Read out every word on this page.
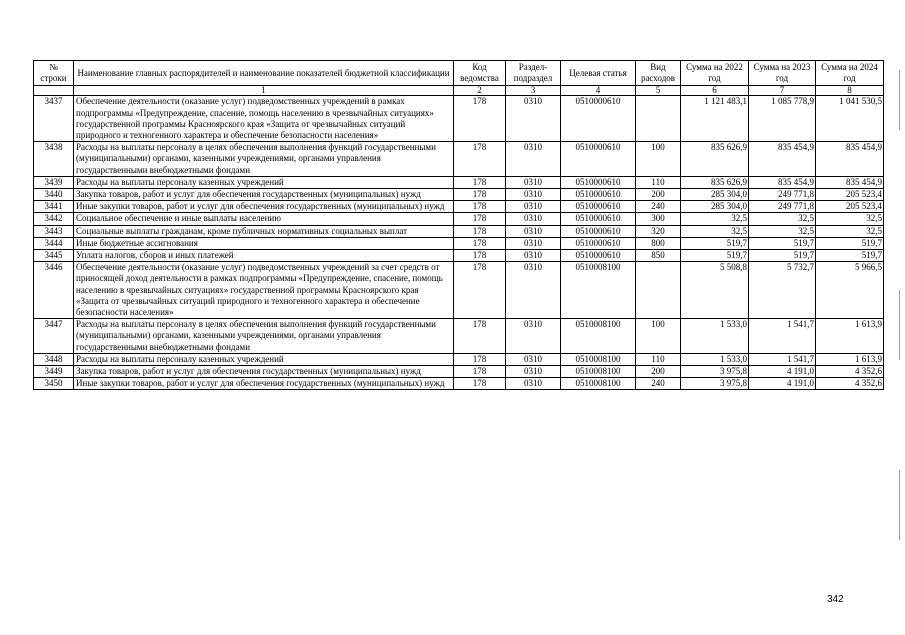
№ строки	Наименование главных распорядителей и наименование показателей бюджетной классификации	Код ведомства	Раздел-подраздел	Целевая статья	Вид расходов	Сумма на 2022 год	Сумма на 2023 год	Сумма на 2024 год
	1	2	3	4	5	6	7	8
3437	Обеспечение деятельности (оказание услуг) подведомственных учреждений в рамках подпрограммы «Предупреждение, спасение, помощь населению в чрезвычайных ситуациях» государственной программы Красноярского края «Защита от чрезвычайных ситуаций природного и техногенного характера и обеспечение безопасности населения»	178	0310	0510000610		1 121 483,1	1 085 778,9	1 041 530,5
3438	Расходы на выплаты персоналу в целях обеспечения выполнения функций государственными (муниципальными) органами, казенными учреждениями, органами управления государственными внебюджетными фондами	178	0310	0510000610	100	835 626,9	835 454,9	835 454,9
3439	Расходы на выплаты персоналу казенных учреждений	178	0310	0510000610	110	835 626,9	835 454,9	835 454,9
3440	Закупка товаров, работ и услуг для обеспечения государственных (муниципальных) нужд	178	0310	0510000610	200	285 304,0	249 771,8	205 523,4
3441	Иные закупки товаров, работ и услуг для обеспечения государственных (муниципальных) нужд	178	0310	0510000610	240	285 304,0	249 771,8	205 523,4
3442	Социальное обеспечение и иные выплаты населению	178	0310	0510000610	300	32,5	32,5	32,5
3443	Социальные выплаты гражданам, кроме публичных нормативных социальных выплат	178	0310	0510000610	320	32,5	32,5	32,5
3444	Иные бюджетные ассигнования	178	0310	0510000610	800	519,7	519,7	519,7
3445	Уплата налогов, сборов и иных платежей	178	0310	0510000610	850	519,7	519,7	519,7
3446	Обеспечение деятельности (оказание услуг) подведомственных учреждений за счет средств от приносящей доход деятельности в рамках подпрограммы «Предупреждение, спасение, помощь населению в чрезвычайных ситуациях» государственной программы Красноярского края «Защита от чрезвычайных ситуаций природного и техногенного характера и обеспечение безопасности населения»	178	0310	0510008100		5 508,8	5 732,7	5 966,5
3447	Расходы на выплаты персоналу в целях обеспечения выполнения функций государственными (муниципальными) органами, казенными учреждениями, органами управления государственными внебюджетными фондами	178	0310	0510008100	100	1 533,0	1 541,7	1 613,9
3448	Расходы на выплаты персоналу казенных учреждений	178	0310	0510008100	110	1 533,0	1 541,7	1 613,9
3449	Закупка товаров, работ и услуг для обеспечения государственных (муниципальных) нужд	178	0310	0510008100	200	3 975,8	4 191,0	4 352,6
3450	Иные закупки товаров, работ и услуг для обеспечения государственных (муниципальных) нужд	178	0310	0510008100	240	3 975,8	4 191,0	4 352,6
342
